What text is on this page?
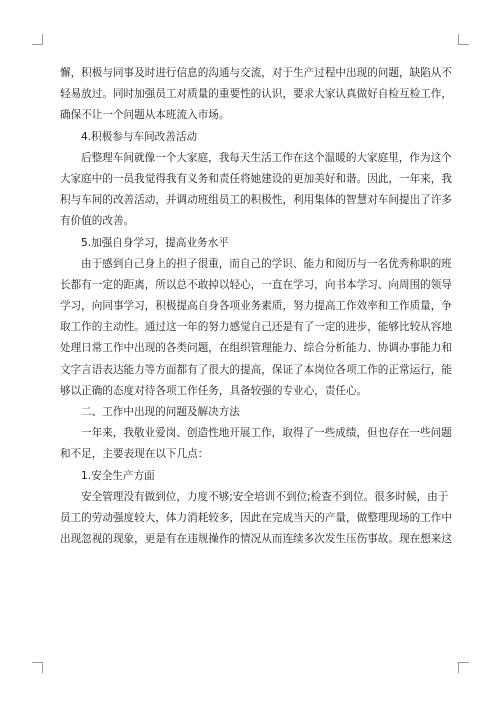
懈，积极与同事及时进行信息的沟通与交流，对于生产过程中出现的问题，缺陷从不
轻易放过。同时加强员工对质量的重要性的认识，要求大家认真做好自检互检工作，
确保不让一个问题从本班流入市场。
4.积极参与车间改善活动
后整理车间就像一个大家庭，我每天生活工作在这个温暖的大家庭里，作为这个
大家庭中的一员我觉得我有义务和责任将她建设的更加美好和谐。因此，一年来，我
积与车间的改善活动，并调动班组员工的积极性，利用集体的智慧对车间提出了许多
有价值的改善。
5.加强自身学习，提高业务水平
由于感到自己身上的担子很重，而自己的学识、能力和阅历与一名优秀称职的班
长都有一定的距离，所以总不敢掉以轻心，一直在学习，向书本学习、向周围的领导
学习，向同事学习，积极提高自身各项业务素质，努力提高工作效率和工作质量，争
取工作的主动性。通过这一年的努力感觉自己还是有了一定的进步，能够比较从容地
处理日常工作中出现的各类问题，在组织管理能力、综合分析能力、协调办事能力和
文字言语表达能力等方面都有了很大的提高，保证了本岗位各项工作的正常运行，能
够以正确的态度对待各项工作任务，具备较强的专业心，责任心。
二、工作中出现的问题及解决方法
一年来，我敬业爱岗、创造性地开展工作，取得了一些成绩，但也存在一些问题
和不足，主要表现在以下几点：
1.安全生产方面
安全管理没有做到位，力度不够;安全培训不到位;检查不到位。很多时候，由于
员工的劳动强度较大，体力消耗较多，因此在完成当天的产量，做整理现场的工作中
出现忽视的现象，更是有在违规操作的情况从而连续多次发生压伤事故。现在想来这
